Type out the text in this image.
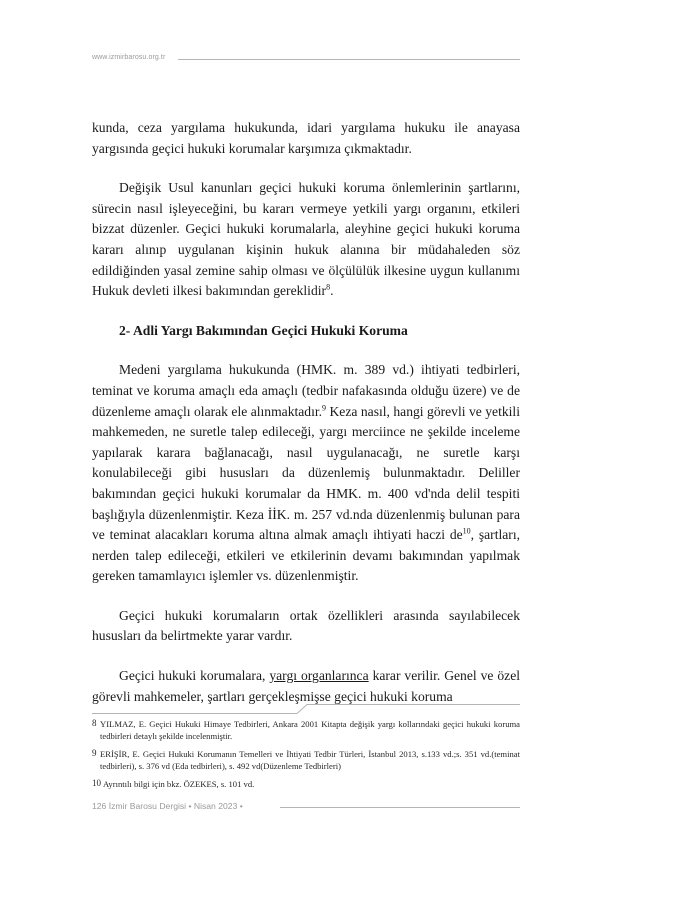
www.izmirbarosu.org.tr

kunda, ceza yargılama hukukunda, idari yargılama hukuku ile anayasa yargısında geçici hukuki korumalar karşımıza çıkmaktadır.

Değişik Usul kanunları geçici hukuki koruma önlemlerinin şartlarını, sürecin nasıl işleyeceğini, bu kararı vermeye yetkili yargı organını, etkileri bizzat düzenler. Geçici hukuki korumalarla, aleyhine geçici hukuki koruma kararı alınıp uygulanan kişinin hukuk alanına bir müdahaleden söz edildiğinden yasal zemine sahip olması ve ölçülülük ilkesine uygun kullanımı Hukuk devleti ilkesi bakımından gereklidir$^8$.

2- Adli Yargı Bakımından Geçici Hukuki Koruma

Medeni yargılama hukukunda (HMK. m. 389 vd.) ihtiyati tedbirleri, teminat ve koruma amaçlı eda amaçlı (tedbir nafakasında olduğu üzere) ve de düzenleme amaçlı olarak ele alınmaktadır.$^9$ Keza nasıl, hangi görevli ve yetkili mahkemeden, ne suretle talep edileceği, yargı merciince ne şekilde inceleme yapılarak karara bağlanacağı, nasıl uygulanacağı, ne suretle karşı konulabileceği gibi hususları da düzenlemiş bulunmaktadır. Deliller bakımından geçici hukuki korumalar da HMK. m. 400 vd'nda delil tespiti başlığıyla düzenlenmiştir. Keza İİK. m. 257 vd.nda düzenlenmiş bulunan para ve teminat alacakları koruma altına almak amaçlı ihtiyati haczi $de^{10}$, şartları, nerden talep edileceği, etkileri ve etkilerinin devamı bakımından yapılmak gereken tamamlayıcı işlemler vs. düzenlenmiştir.

Geçici hukuki korumaların ortak özellikleri arasında sayılabilecek hususları da belirtmekte yarar vardır.

Geçici hukuki korumalara, yargı organlarınca karar verilir. Genel ve özel görevli mahkemeler, şartları gerçekleşmişse geçici hukuki koruma

8 YILMAZ, E. Geçici Hukuki Himaye Tedbirleri, Ankara 2001 Kitapta değişik yargı kollarındaki geçici hukuki koruma tedbirleri detaylı şekilde incelenmiştir.
9 ERİŞİR, E. Geçici Hukuki Korumanın Temelleri ve İhtiyati Tedbir Türleri, İstanbul 2013, s.133 vd.;s. 351 vd.(teminat tedbirleri), s. 376 vd (Eda tedbirleri), s. 492 vd(Düzenleme Tedbirleri)
10 Ayrıntılı bilgi için bkz. ÖZEKES, s. 101 vd.
126 İzmir Barosu Dergisi • Nisan 2023 •
